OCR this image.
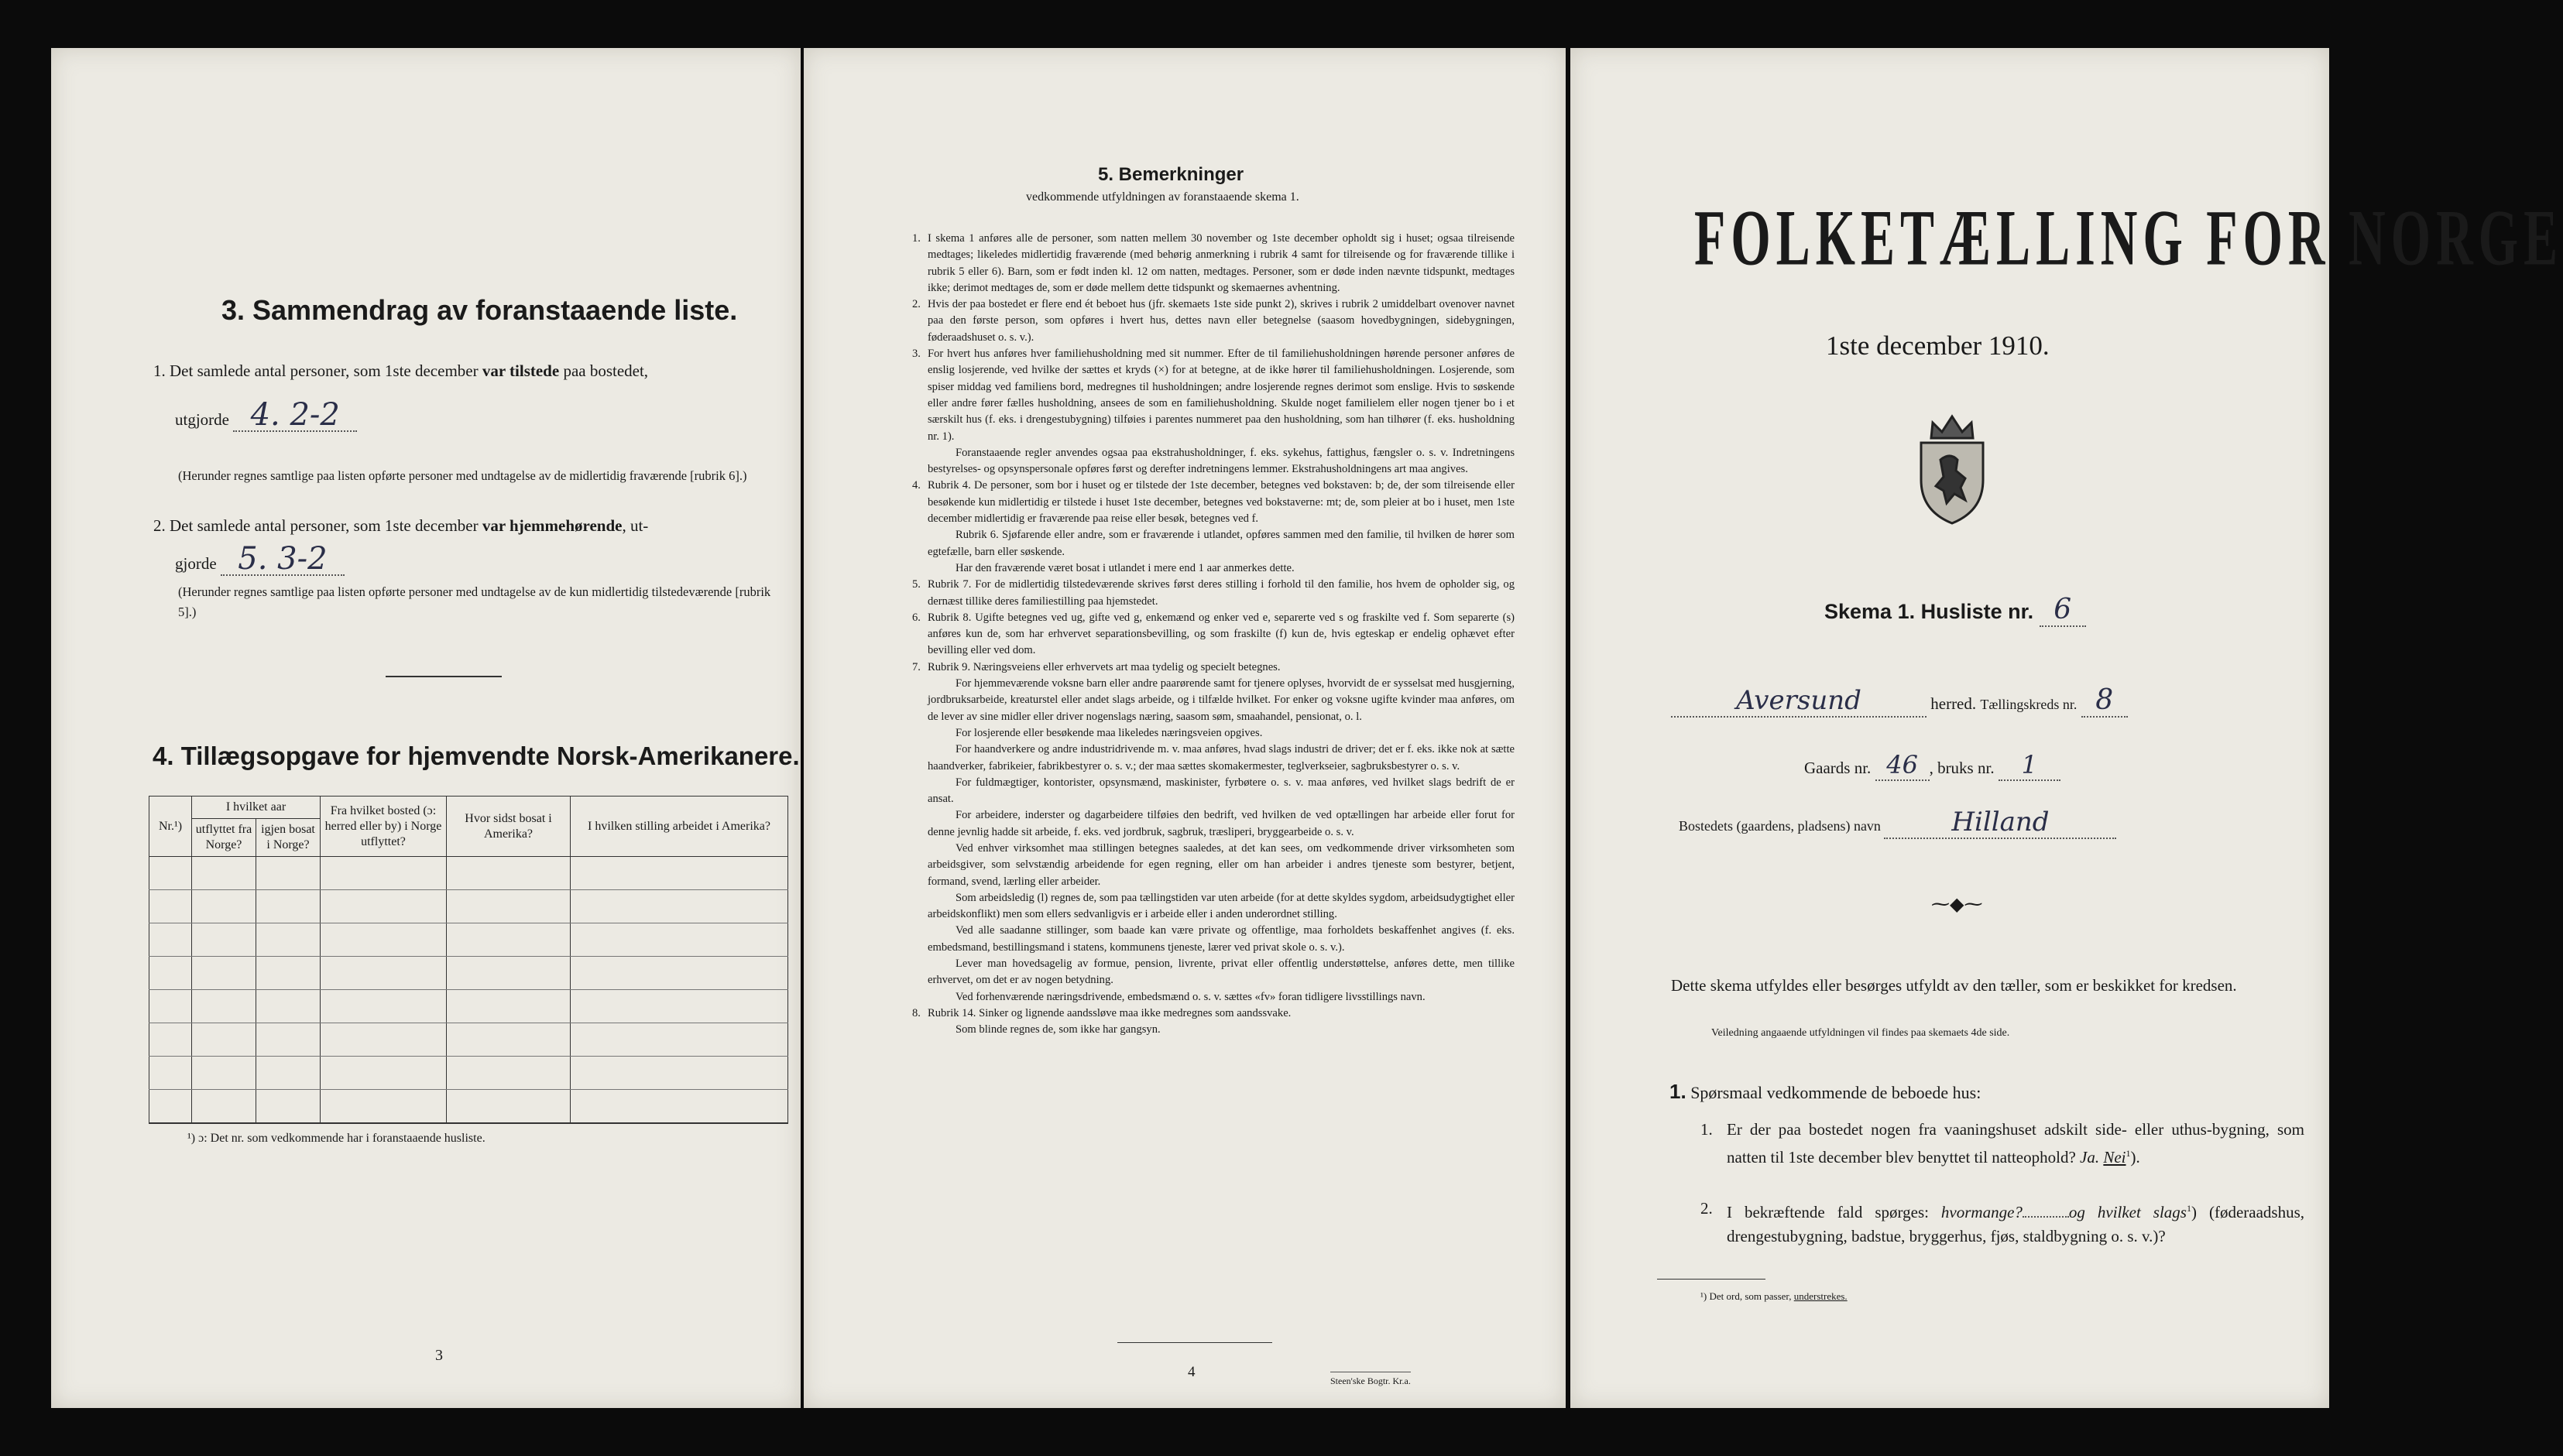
3. Sammendrag av foranstaaende liste.
1. Det samlede antal personer, som 1ste december var tilstede paa bostedet,
utgjorde 4. 2-2
(Herunder regnes samtlige paa listen opførte personer med undtagelse av de midlertidig fraværende [rubrik 6].)
2. Det samlede antal personer, som 1ste december var hjemmehørende, ut-
gjorde 5. 3-2
(Herunder regnes samtlige paa listen opførte personer med undtagelse av de kun midlertidig tilstedeværende [rubrik 5].)
4. Tillægsopgave for hjemvendte Norsk-Amerikanere.
Nr.¹)	I hvilket aar		Fra hvilket bosted (ɔ: herred eller by) i Norge utflyttet?	Hvor sidst bosat i Amerika?	I hvilken stilling arbeidet i Amerika?
	utflyttet fra Norge?	igjen bosat i Norge?			

¹) ɔ: Det nr. som vedkommende har i foranstaaende husliste.
3
5. Bemerkninger
vedkommende utfyldningen av foranstaaende skema 1.
1. I skema 1 anføres alle de personer, som natten mellem 30 november og 1ste december opholdt sig i huset; ogsaa tilreisende medtages; likeledes midlertidig fraværende (med behørig anmerkning i rubrik 4 samt for tilreisende og for fraværende tillike i rubrik 5 eller 6). Barn, som er født inden kl. 12 om natten, medtages. Personer, som er døde inden nævnte tidspunkt, medtages ikke; derimot medtages de, som er døde mellem dette tidspunkt og skemaernes avhentning.
2. Hvis der paa bostedet er flere end ét beboet hus (jfr. skemaets 1ste side punkt 2), skrives i rubrik 2 umiddelbart ovenover navnet paa den første person, som opføres i hvert hus, dettes navn eller betegnelse (saasom hovedbygningen, sidebygningen, føderaadshuset o. s. v.).
3. For hvert hus anføres hver familiehusholdning med sit nummer. Efter de til familiehusholdningen hørende personer anføres de enslig losjerende, ved hvilke der sættes et kryds (×) for at betegne, at de ikke hører til familiehusholdningen. Losjerende, som spiser middag ved familiens bord, medregnes til husholdningen; andre losjerende regnes derimot som enslige. Hvis to søskende eller andre fører fælles husholdning, ansees de som en familiehusholdning. Skulde noget familielem eller nogen tjener bo i et særskilt hus (f. eks. i drengestubygning) tilføies i parentes nummeret paa den husholdning, som han tilhører (f. eks. husholdning nr. 1).
Foranstaaende regler anvendes ogsaa paa ekstrahusholdninger, f. eks. sykehus, fattighus, fængsler o. s. v. Indretningens bestyrelses- og opsynspersonale opføres først og derefter indretningens lemmer. Ekstrahusholdningens art maa angives.
4. Rubrik 4. De personer, som bor i huset og er tilstede der 1ste december, betegnes ved bokstaven: b; de, der som tilreisende eller besøkende kun midlertidig er tilstede i huset 1ste december, betegnes ved bokstaverne: mt; de, som pleier at bo i huset, men 1ste december midlertidig er fraværende paa reise eller besøk, betegnes ved f.
Rubrik 6. Sjøfarende eller andre, som er fraværende i utlandet, opføres sammen med den familie, til hvilken de hører som egtefælle, barn eller søskende.
Har den fraværende været bosat i utlandet i mere end 1 aar anmerkes dette.
5. Rubrik 7. For de midlertidig tilstedeværende skrives først deres stilling i forhold til den familie, hos hvem de opholder sig, og dernæst tillike deres familiestilling paa hjemstedet.
6. Rubrik 8. Ugifte betegnes ved ug, gifte ved g, enkemænd og enker ved e, separerte ved s og fraskilte ved f. Som separerte (s) anføres kun de, som har erhvervet separationsbevilling, og som fraskilte (f) kun de, hvis egteskap er endelig ophævet efter bevilling eller ved dom.
7. Rubrik 9. Næringsveiens eller erhvervets art maa tydelig og specielt betegnes.
For hjemmeværende voksne barn eller andre paarørende samt for tjenere oplyses, hvorvidt de er sysselsat med husgjerning, jordbruksarbeide, kreaturstel eller andet slags arbeide, og i tilfælde hvilket. For enker og voksne ugifte kvinder maa anføres, om de lever av sine midler eller driver nogenslags næring, saasom søm, smaahandel, pensionat, o. l.
For losjerende eller besøkende maa likeledes næringsveien opgives.
For haandverkere og andre industridrivende m. v. maa anføres, hvad slags industri de driver; det er f. eks. ikke nok at sætte haandverker, fabrikeier, fabrikbestyrer o. s. v.; der maa sættes skomakermester, teglverkseier, sagbruksbestyrer o. s. v.
For fuldmægtiger, kontorister, opsynsmænd, maskinister, fyrbøtere o. s. v. maa anføres, ved hvilket slags bedrift de er ansat.
For arbeidere, inderster og dagarbeidere tilføies den bedrift, ved hvilken de ved optællingen har arbeide eller forut for denne jevnlig hadde sit arbeide, f. eks. ved jordbruk, sagbruk, træsliperi, bryggearbeide o. s. v.
Ved enhver virksomhet maa stillingen betegnes saaledes, at det kan sees, om vedkommende driver virksomheten som arbeidsgiver, som selvstændig arbeidende for egen regning, eller om han arbeider i andres tjeneste som bestyrer, betjent, formand, svend, lærling eller arbeider.
Som arbeidsledig (l) regnes de, som paa tællingstiden var uten arbeide (for at dette skyldes sygdom, arbeidsudygtighet eller arbeidskonflikt) men som ellers sedvanligvis er i arbeide eller i anden underordnet stilling.
Ved alle saadanne stillinger, som baade kan være private og offentlige, maa forholdets beskaffenhet angives (f. eks. embedsmand, bestillingsmand i statens, kommunens tjeneste, lærer ved privat skole o. s. v.).
Lever man hovedsagelig av formue, pension, livrente, privat eller offentlig understøttelse, anføres dette, men tillike erhvervet, om det er av nogen betydning.
Ved forhenværende næringsdrivende, embedsmænd o. s. v. sættes «fv» foran tidligere livsstillings navn.
8. Rubrik 14. Sinker og lignende aandssløve maa ikke medregnes som aandssvake.
Som blinde regnes de, som ikke har gangsyn.
4
Steen'ske Bogtr. Kr.a.
FOLKETÆLLING FOR NORGE
1ste december 1910.
Skema 1. Husliste nr. 6
Aversund	herred. Tællingskreds nr. 8
Gaards nr. 46 , bruks nr. 1
Bostedets (gaardens, pladsens) navn	Hilland
⁓◆⁓
Dette skema utfyldes eller besørges utfyldt av den tæller, som er beskikket for kredsen.
Veiledning angaaende utfyldningen vil findes paa skemaets 4de side.
1. Spørsmaal vedkommende de beboede hus:
1. Er der paa bostedet nogen fra vaaningshuset adskilt side- eller uthus-bygning, som natten til 1ste december blev benyttet til natteophold? Ja. Nei$^1$).
2. I bekræftende fald spørges: hvormange?	og hvilket slags$^1$) (føderaadshus, drengestubygning, badstue, bryggerhus, fjøs, staldbygning o. s. v.)?
¹) Det ord, som passer, understrekes.
